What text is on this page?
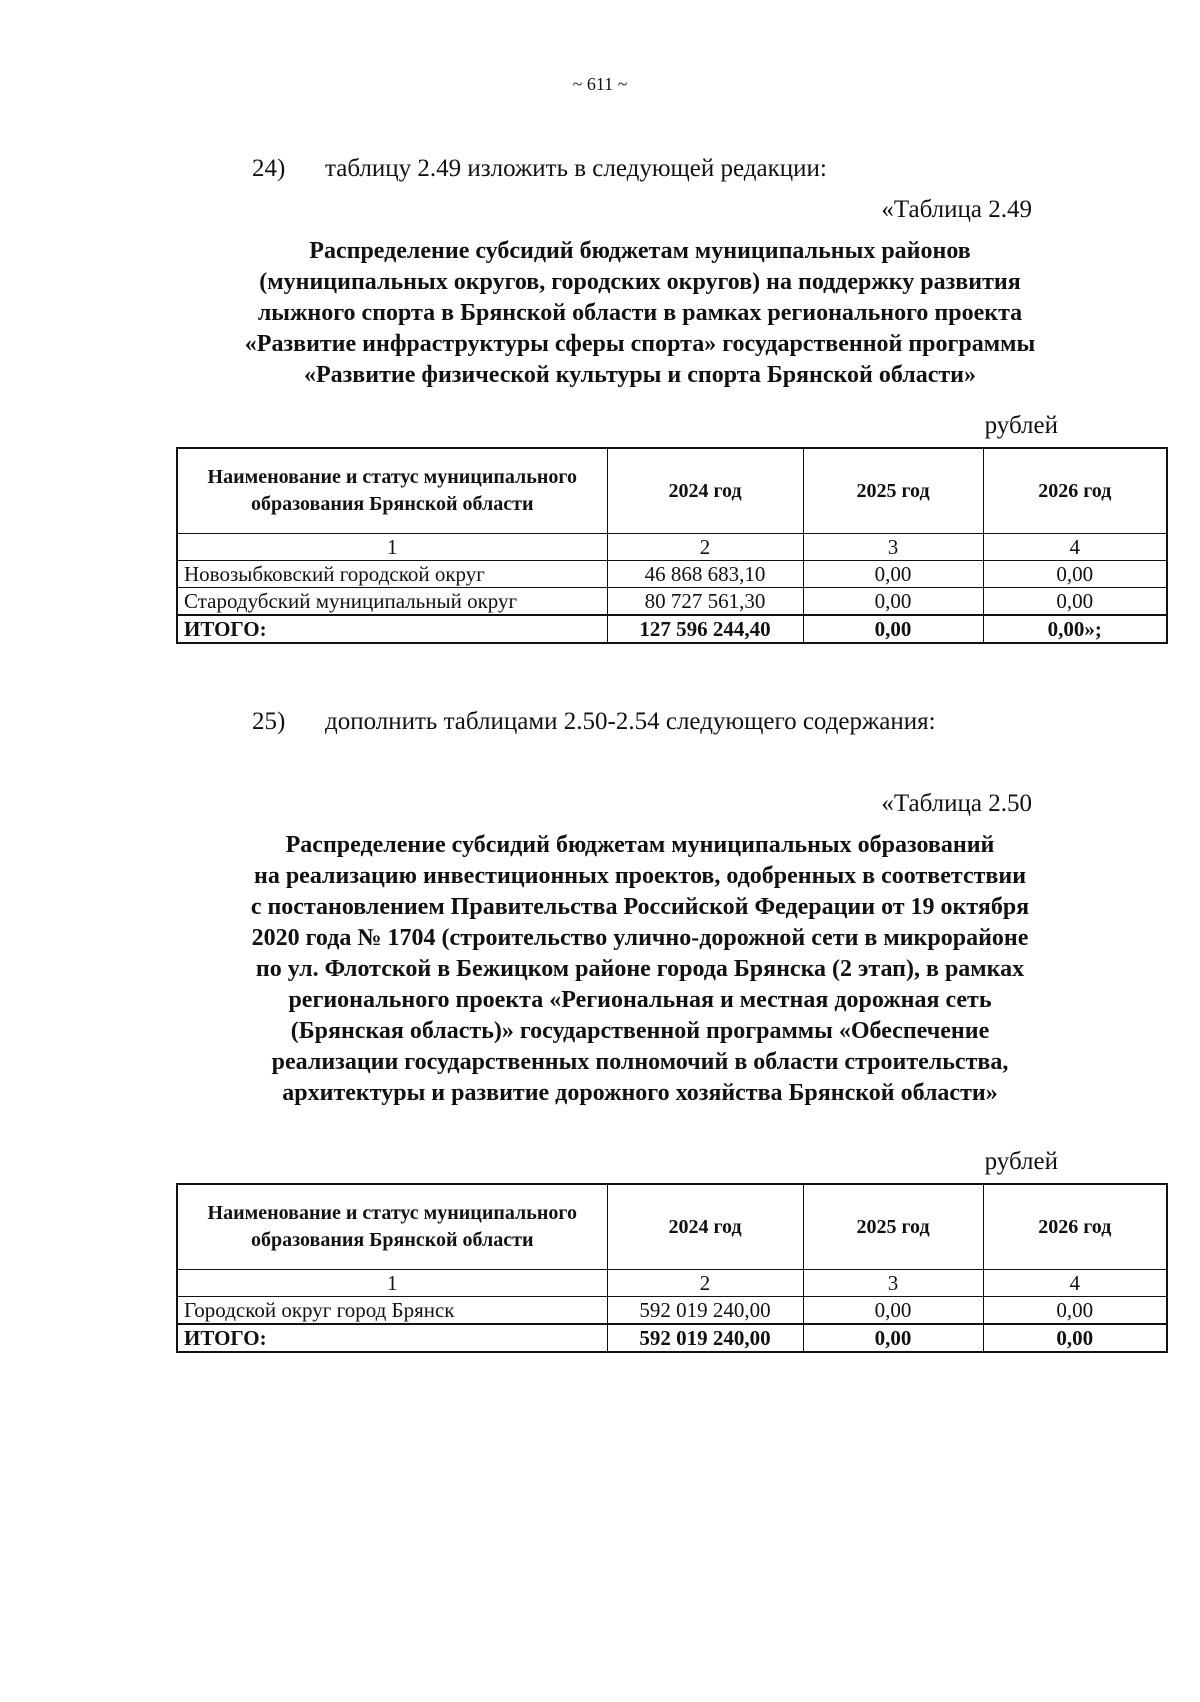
~ 611 ~
24) таблицу 2.49 изложить в следующей редакции:
«Таблица 2.49
Распределение субсидий бюджетам муниципальных районов
(муниципальных округов, городских округов) на поддержку развития
лыжного спорта в Брянской области в рамках регионального проекта
«Развитие инфраструктуры сферы спорта» государственной программы
«Развитие физической культуры и спорта Брянской области»
рублей
Наименование и статус муниципального образования Брянской области	2024 год	2025 год	2026 год
1	2	3	4
Новозыбковский городской округ	46 868 683,10	0,00	0,00
Стародубский муниципальный округ	80 727 561,30	0,00	0,00
ИТОГО:	127 596 244,40	0,00	0,00»;
25) дополнить таблицами 2.50-2.54 следующего содержания:
«Таблица 2.50
Распределение субсидий бюджетам муниципальных образований
на реализацию инвестиционных проектов, одобренных в соответствии
с постановлением Правительства Российской Федерации от 19 октября
2020 года № 1704 (строительство улично-дорожной сети в микрорайоне
по ул. Флотской в Бежицком районе города Брянска (2 этап), в рамках
регионального проекта «Региональная и местная дорожная сеть
(Брянская область)» государственной программы «Обеспечение
реализации государственных полномочий в области строительства,
архитектуры и развитие дорожного хозяйства Брянской области»
рублей
Наименование и статус муниципального образования Брянской области	2024 год	2025 год	2026 год
1	2	3	4
Городской округ город Брянск	592 019 240,00	0,00	0,00
ИТОГО:	592 019 240,00	0,00	0,00
